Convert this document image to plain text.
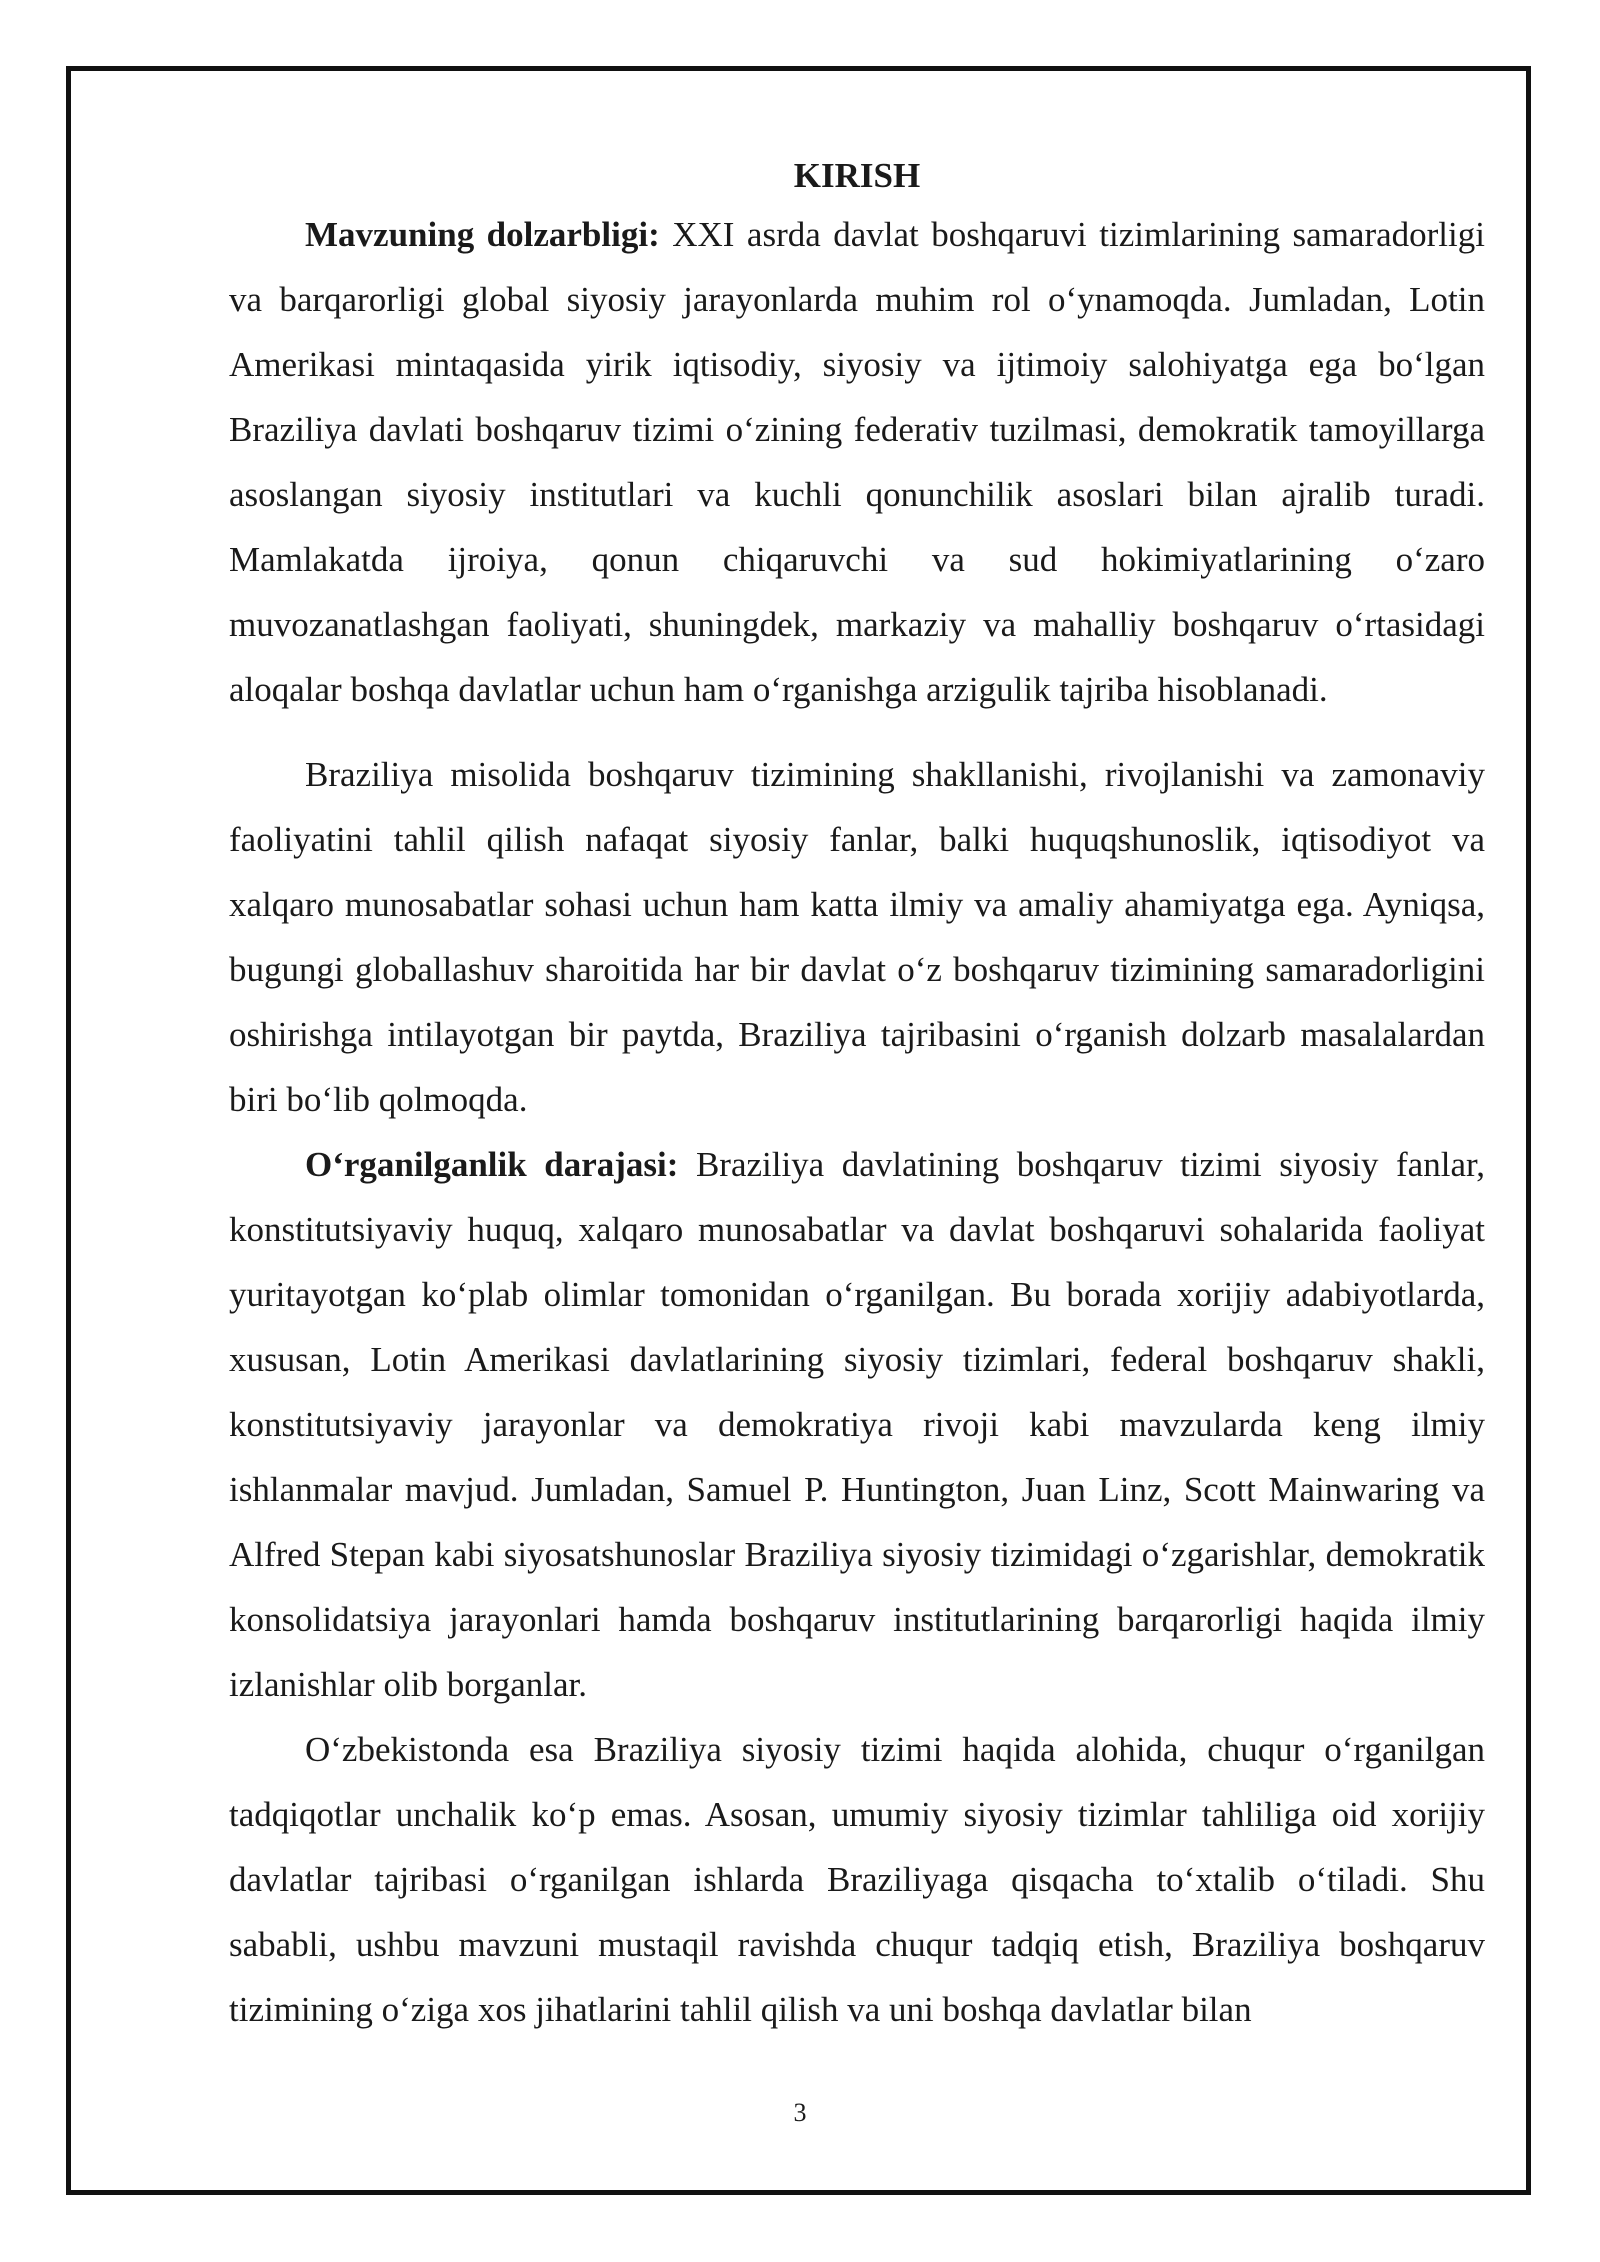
KIRISH

Mavzuning dolzarbligi: XXI asrda davlat boshqaruvi tizimlarining samaradorligi va barqarorligi global siyosiy jarayonlarda muhim rol o‘ynamoqda. Jumladan, Lotin Amerikasi mintaqasida yirik iqtisodiy, siyosiy va ijtimoiy salohiyatga ega bo‘lgan Braziliya davlati boshqaruv tizimi o‘zining federativ tuzilmasi, demokratik tamoyillarga asoslangan siyosiy institutlari va kuchli qonunchilik asoslari bilan ajralib turadi. Mamlakatda ijroiya, qonun chiqaruvchi va sud hokimiyatlarining o‘zaro muvozanatlashgan faoliyati, shuningdek, markaziy va mahalliy boshqaruv o‘rtasidagi aloqalar boshqa davlatlar uchun ham o‘rganishga arzigulik tajriba hisoblanadi.

Braziliya misolida boshqaruv tizimining shakllanishi, rivojlanishi va zamonaviy faoliyatini tahlil qilish nafaqat siyosiy fanlar, balki huquqshunoslik, iqtisodiyot va xalqaro munosabatlar sohasi uchun ham katta ilmiy va amaliy ahamiyatga ega. Ayniqsa, bugungi globallashuv sharoitida har bir davlat o‘z boshqaruv tizimining samaradorligini oshirishga intilayotgan bir paytda, Braziliya tajribasini o‘rganish dolzarb masalalardan biri bo‘lib qolmoqda.

O‘rganilganlik darajasi: Braziliya davlatining boshqaruv tizimi siyosiy fanlar, konstitutsiyaviy huquq, xalqaro munosabatlar va davlat boshqaruvi sohalarida faoliyat yuritayotgan ko‘plab olimlar tomonidan o‘rganilgan. Bu borada xorijiy adabiyotlarda, xususan, Lotin Amerikasi davlatlarining siyosiy tizimlari, federal boshqaruv shakli, konstitutsiyaviy jarayonlar va demokratiya rivoji kabi mavzularda keng ilmiy ishlanmalar mavjud. Jumladan, Samuel P. Huntington, Juan Linz, Scott Mainwaring va Alfred Stepan kabi siyosatshunoslar Braziliya siyosiy tizimidagi o‘zgarishlar, demokratik konsolidatsiya jarayonlari hamda boshqaruv institutlarining barqarorligi haqida ilmiy izlanishlar olib borganlar.

O‘zbekistonda esa Braziliya siyosiy tizimi haqida alohida, chuqur o‘rganilgan tadqiqotlar unchalik ko‘p emas. Asosan, umumiy siyosiy tizimlar tahliliga oid xorijiy davlatlar tajribasi o‘rganilgan ishlarda Braziliyaga qisqacha to‘xtalib o‘tiladi. Shu sababli, ushbu mavzuni mustaqil ravishda chuqur tadqiq etish, Braziliya boshqaruv tizimining o‘ziga xos jihatlarini tahlil qilish va uni boshqa davlatlar bilan

3
